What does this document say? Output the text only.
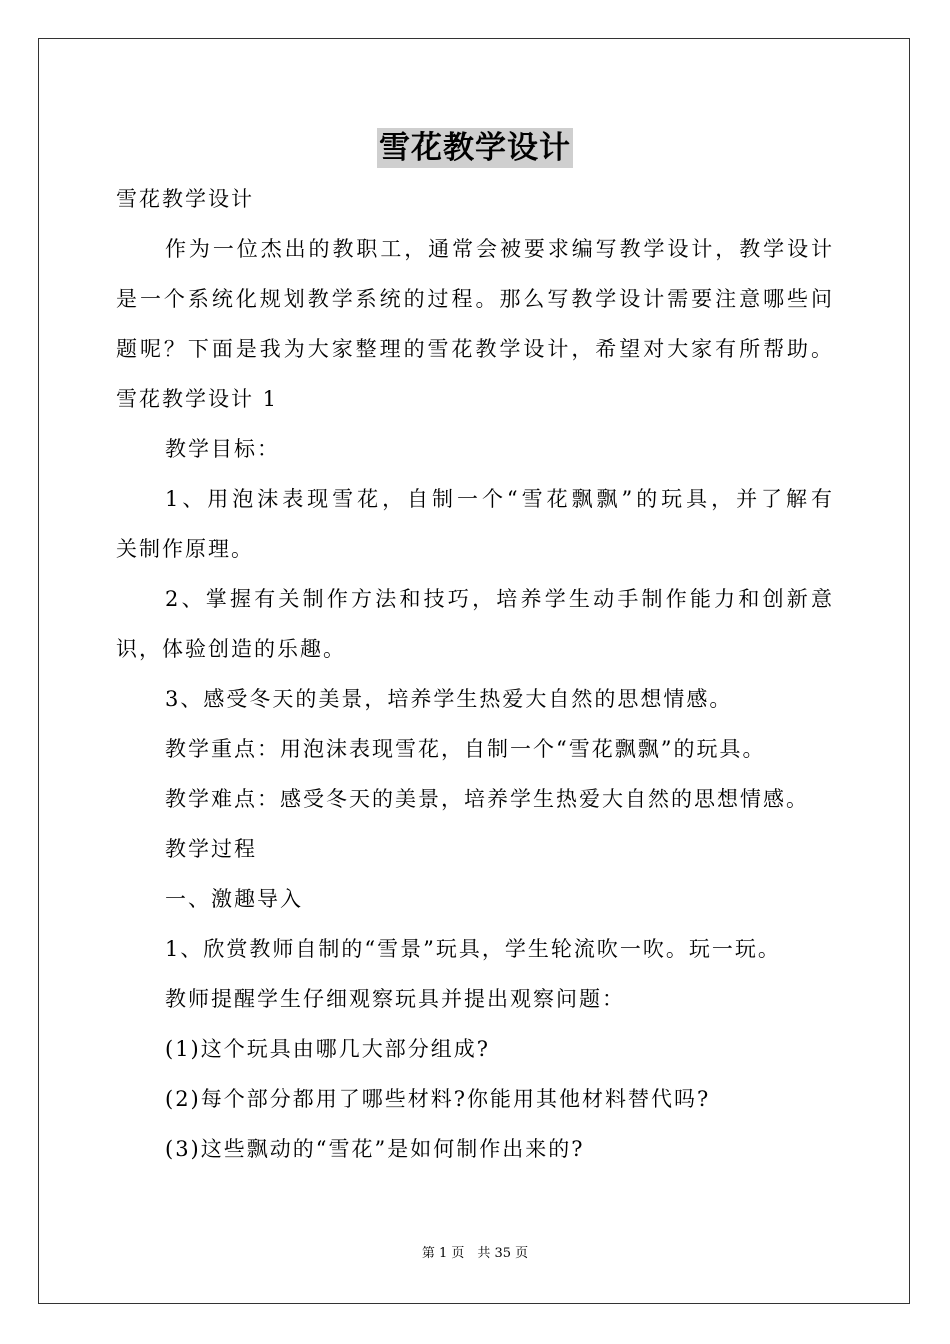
雪花教学设计
雪花教学设计
作为一位杰出的教职工，通常会被要求编写教学设计，教学设计
是一个系统化规划教学系统的过程。那么写教学设计需要注意哪些问
题呢？下面是我为大家整理的雪花教学设计，希望对大家有所帮助。
雪花教学设计 1
教学目标：
1、用泡沫表现雪花，自制一个“雪花飘飘”的玩具，并了解有
关制作原理。
2、掌握有关制作方法和技巧，培养学生动手制作能力和创新意
识，体验创造的乐趣。
3、感受冬天的美景，培养学生热爱大自然的思想情感。
教学重点：用泡沫表现雪花，自制一个“雪花飘飘”的玩具。
教学难点：感受冬天的美景，培养学生热爱大自然的思想情感。
教学过程
一、激趣导入
1、欣赏教师自制的“雪景”玩具，学生轮流吹一吹。玩一玩。
教师提醒学生仔细观察玩具并提出观察问题：
(1)这个玩具由哪几大部分组成?
(2)每个部分都用了哪些材料?你能用其他材料替代吗?
(3)这些飘动的“雪花”是如何制作出来的?
第 1 页　共 35 页
